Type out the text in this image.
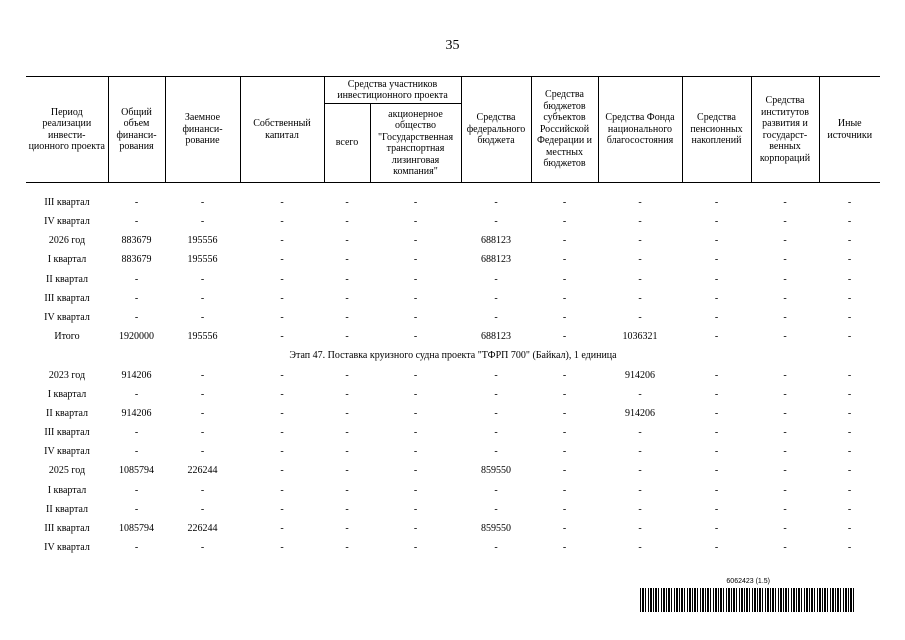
35
Период реализации инвести- ционного проекта	Общий объем финанси- рования	Заемное финанси- рование	Собственный капитал	Средства участников инвестиционного проекта		Средства федерального бюджета	Средства бюджетов субъектов Российской Федерации и местных бюджетов	Средства Фонда национального благосостояния	Средства пенсионных накоплений	Средства институтов развития и государст- венных корпораций	Иные источники
				всего	акционерное общество "Государственная транспортная лизинговая компания"						

III квартал	-	-	-	-	-	-	-	-	-	-	-
IV квартал	-	-	-	-	-	-	-	-	-	-	-
2026 год	883679	195556	-	-	-	688123	-	-	-	-	-
I квартал	883679	195556	-	-	-	688123	-	-	-	-	-
II квартал	-	-	-	-	-	-	-	-	-	-	-
III квартал	-	-	-	-	-	-	-	-	-	-	-
IV квартал	-	-	-	-	-	-	-	-	-	-	-
Итого	1920000	195556	-	-	-	688123	-	1036321	-	-	-
Этап 47. Поставка круизного судна проекта "ТФРП 700" (Байкал), 1 единица											
2023 год	914206	-	-	-	-	-	-	914206	-	-	-
I квартал	-	-	-	-	-	-	-	-	-	-	-
II квартал	914206	-	-	-	-	-	-	914206	-	-	-
III квартал	-	-	-	-	-	-	-	-	-	-	-
IV квартал	-	-	-	-	-	-	-	-	-	-	-
2025 год	1085794	226244	-	-	-	859550	-	-	-	-	-
I квартал	-	-	-	-	-	-	-	-	-	-	-
II квартал	-	-	-	-	-	-	-	-	-	-	-
III квартал	1085794	226244	-	-	-	859550	-	-	-	-	-
IV квартал	-	-	-	-	-	-	-	-	-	-	-
6062423 (1.5)
